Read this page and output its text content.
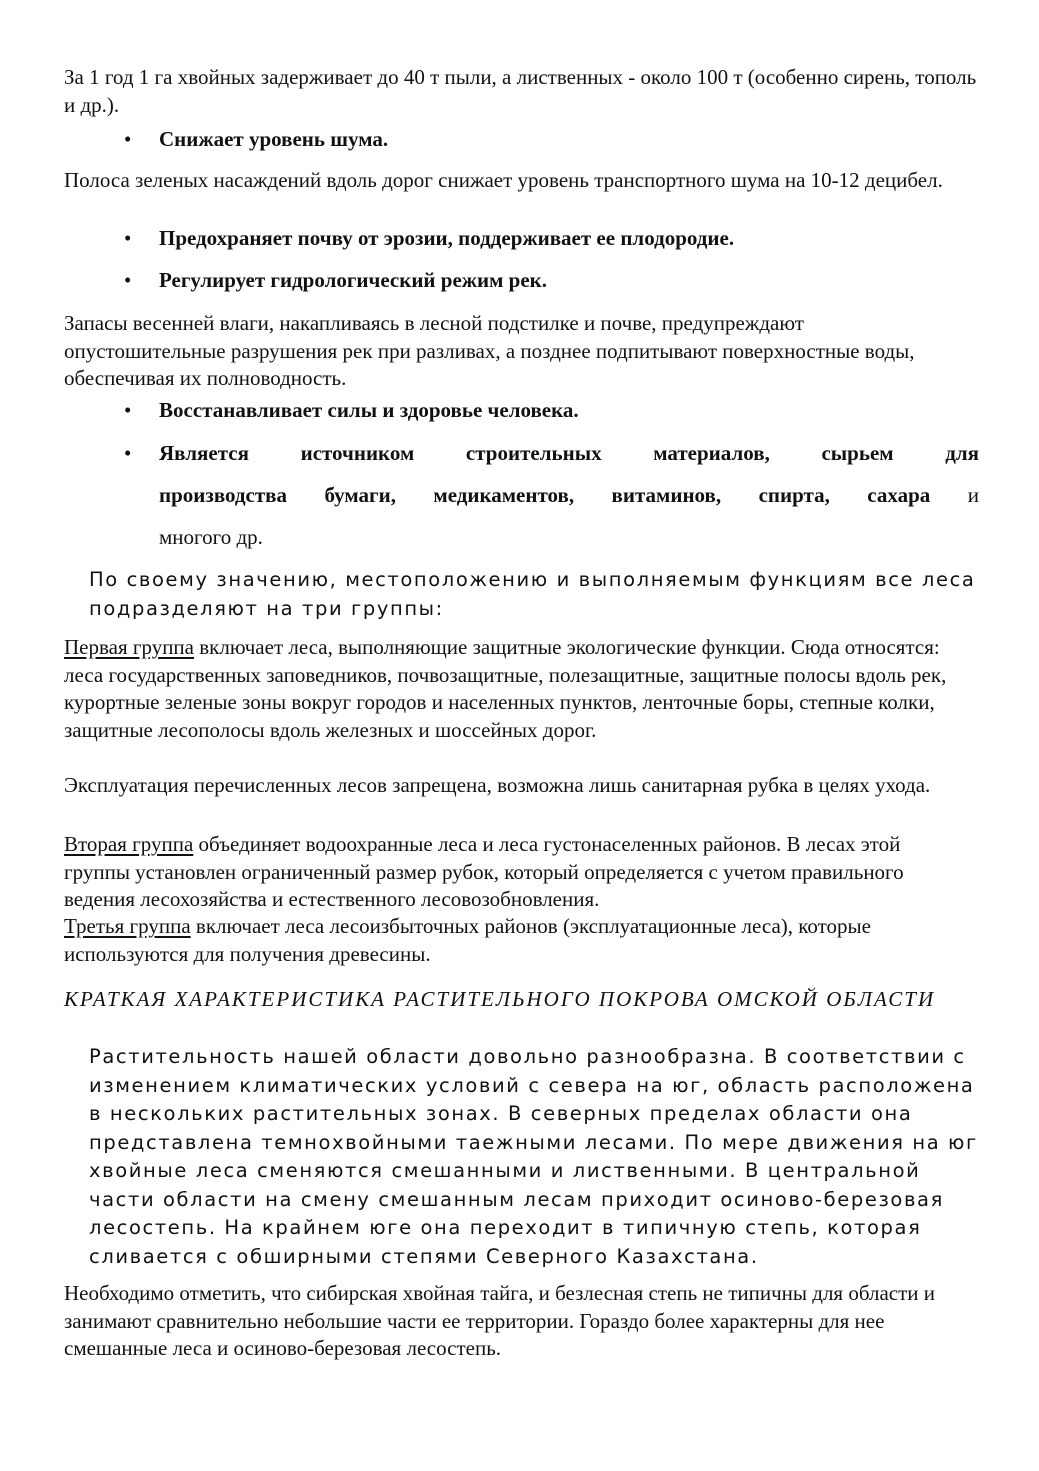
За 1 год 1 га хвойных задерживает до 40 т пыли, а лиственных - около 100 т (особенно сирень, тополь и др.).

• Снижает уровень шума.

Полоса зеленых насаждений вдоль дорог снижает уровень транспортного шума на 10-12 децибел.

• Предохраняет почву от эрозии, поддерживает ее плодородие.
• Регулирует гидрологический режим рек.

Запасы весенней влаги, накапливаясь в лесной подстилке и почве, предупреждают опустошительные разрушения рек при разливах, а позднее подпитывают поверхностные воды, обеспечивая их полноводность.

• Восстанавливает силы и здоровье человека.
• Является источником строительных материалов, сырьем для
производства бумаги, медикаментов, витаминов, спирта, сахара и
многого др.

По своему значению, местоположению и выполняемым функциям все леса подразделяют на три группы:

Первая группа включает леса, выполняющие защитные экологические функции. Сюда относятся: леса государственных заповедников, почвозащитные, полезащитные, защитные полосы вдоль рек, курортные зеленые зоны вокруг городов и населенных пунктов, ленточные боры, степные колки, защитные лесополосы вдоль железных и шоссейных дорог.

Эксплуатация перечисленных лесов запрещена, возможна лишь санитарная рубка в целях ухода.

Вторая группа объединяет водоохранные леса и леса густонаселенных районов. В лесах этой группы установлен ограниченный размер рубок, который определяется с учетом правильного ведения лесохозяйства и естественного лесовозобновления.

Третья группа включает леса лесоизбыточных районов (эксплуатационные леса), которые используются для получения древесины.

КРАТКАЯ ХАРАКТЕРИСТИКА РАСТИТЕЛЬНОГО ПОКРОВА ОМСКОЙ ОБЛАСТИ

Растительность нашей области довольно разнообразна. В соответствии с изменением климатических условий с севера на юг, область расположена в нескольких растительных зонах. В северных пределах области она представлена темнохвойными таежными лесами. По мере движения на юг хвойные леса сменяются смешанными и лиственными. В центральной части области на смену смешанным лесам приходит осиново-березовая лесостепь. На крайнем юге она переходит в типичную степь, которая сливается с обширными степями Северного Казахстана.

Необходимо отметить, что сибирская хвойная тайга, и безлесная степь не типичны для области и занимают сравнительно небольшие части ее территории. Гораздо более характерны для нее смешанные леса и осиново-березовая лесостепь.
